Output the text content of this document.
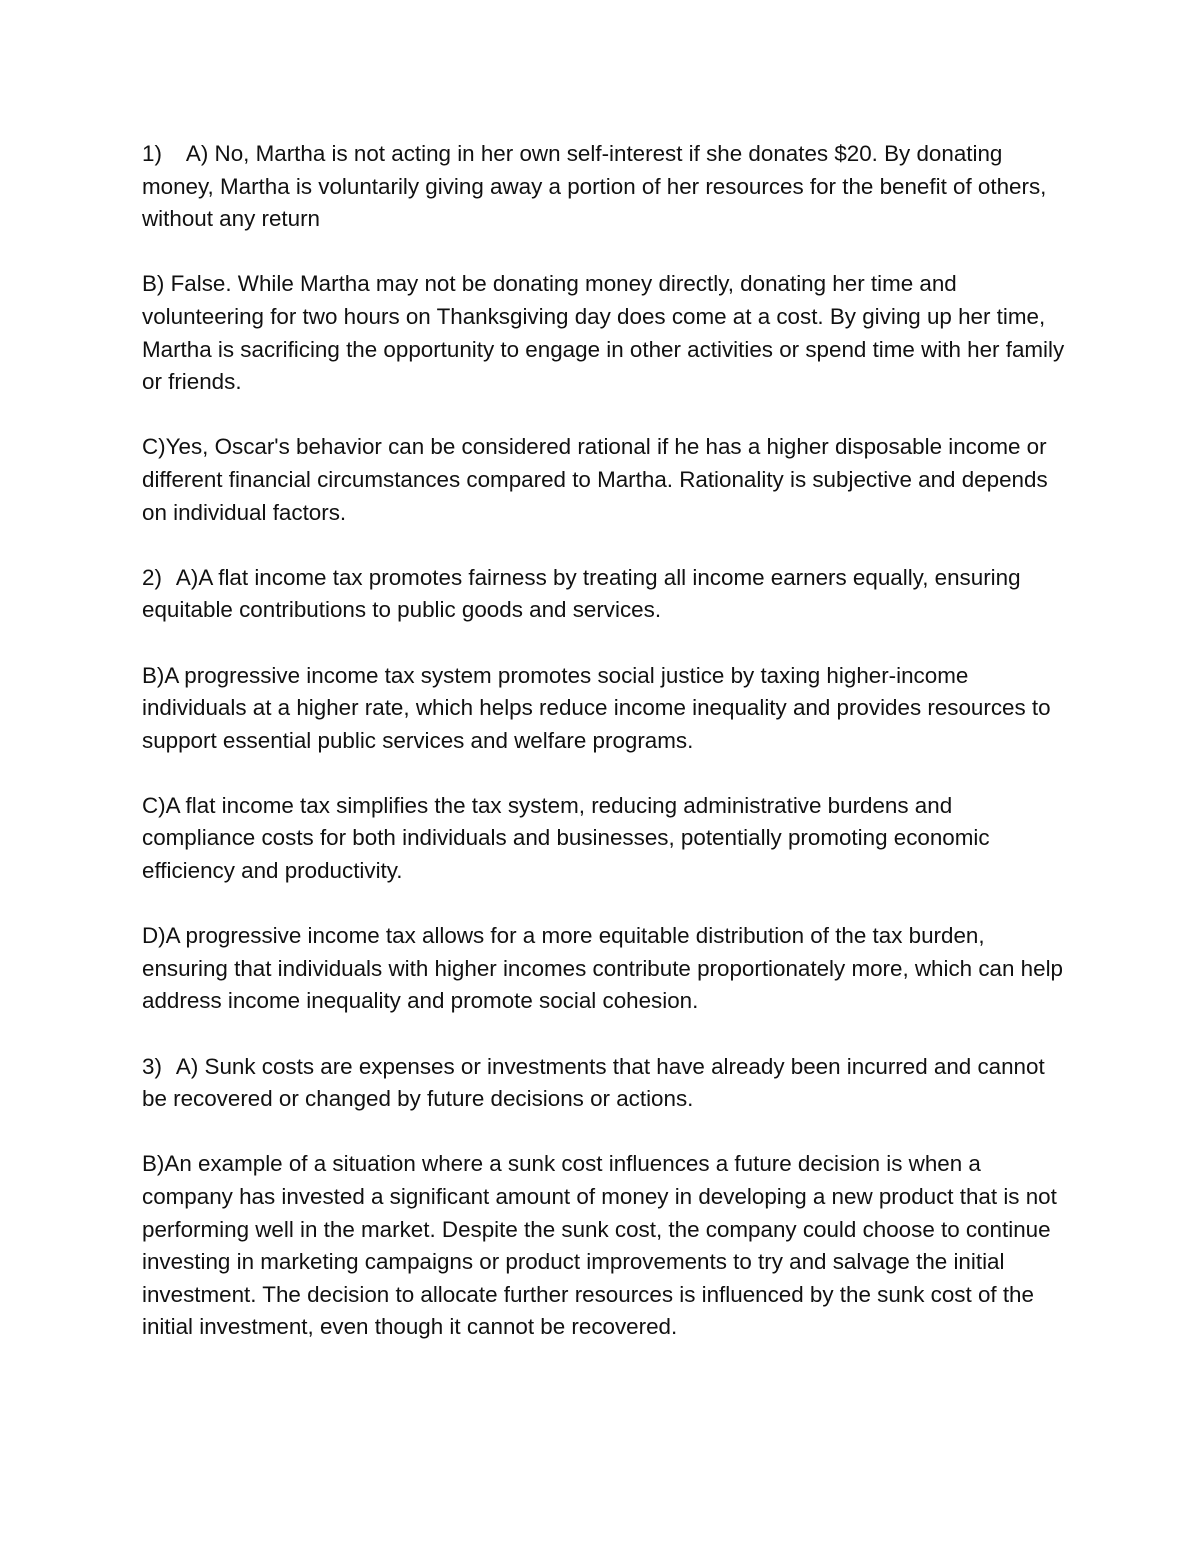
1) A) No, Martha is not acting in her own self-interest if she donates $20. By donating money, Martha is voluntarily giving away a portion of her resources for the benefit of others, without any return

B) False. While Martha may not be donating money directly, donating her time and volunteering for two hours on Thanksgiving day does come at a cost. By giving up her time, Martha is sacrificing the opportunity to engage in other activities or spend time with her family or friends.

C)Yes, Oscar's behavior can be considered rational if he has a higher disposable income or different financial circumstances compared to Martha. Rationality is subjective and depends on individual factors.

2) A)A flat income tax promotes fairness by treating all income earners equally, ensuring equitable contributions to public goods and services.

B)A progressive income tax system promotes social justice by taxing higher-income individuals at a higher rate, which helps reduce income inequality and provides resources to support essential public services and welfare programs.

C)A flat income tax simplifies the tax system, reducing administrative burdens and compliance costs for both individuals and businesses, potentially promoting economic efficiency and productivity.

D)A progressive income tax allows for a more equitable distribution of the tax burden, ensuring that individuals with higher incomes contribute proportionately more, which can help address income inequality and promote social cohesion.

3) A) Sunk costs are expenses or investments that have already been incurred and cannot be recovered or changed by future decisions or actions.

B)An example of a situation where a sunk cost influences a future decision is when a company has invested a significant amount of money in developing a new product that is not performing well in the market. Despite the sunk cost, the company could choose to continue investing in marketing campaigns or product improvements to try and salvage the initial investment. The decision to allocate further resources is influenced by the sunk cost of the initial investment, even though it cannot be recovered.
